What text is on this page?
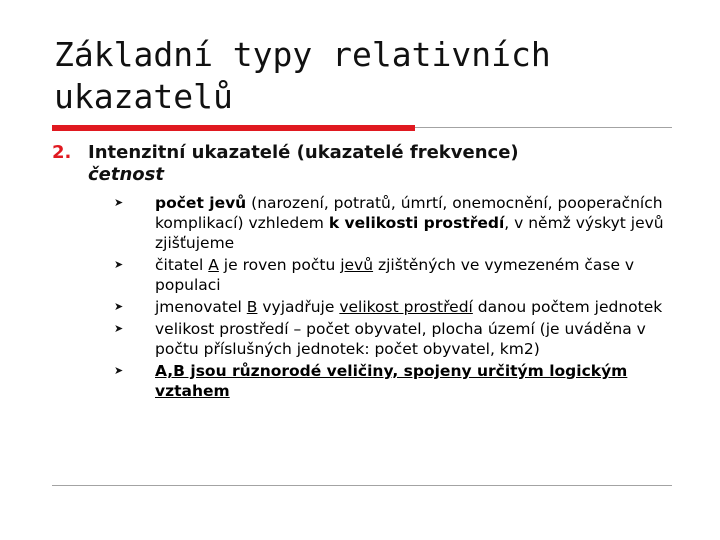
Základní typy relativních ukazatelů
2. Intenzitní ukazatelé (ukazatelé frekvence)
četnost
➤ počet jevů (narození, potratů, úmrtí, onemocnění, pooperačních komplikací) vzhledem k velikosti prostředí, v němž výskyt jevů zjišťujeme
➤ čitatel A je roven počtu jevů zjištěných ve vymezeném čase v populaci
➤ jmenovatel B vyjadřuje velikost prostředí danou počtem jednotek
➤ velikost prostředí – počet obyvatel, plocha území (je uváděna v počtu příslušných jednotek: počet obyvatel, km2)
➤ A,B jsou různorodé veličiny, spojeny určitým logickým vztahem
